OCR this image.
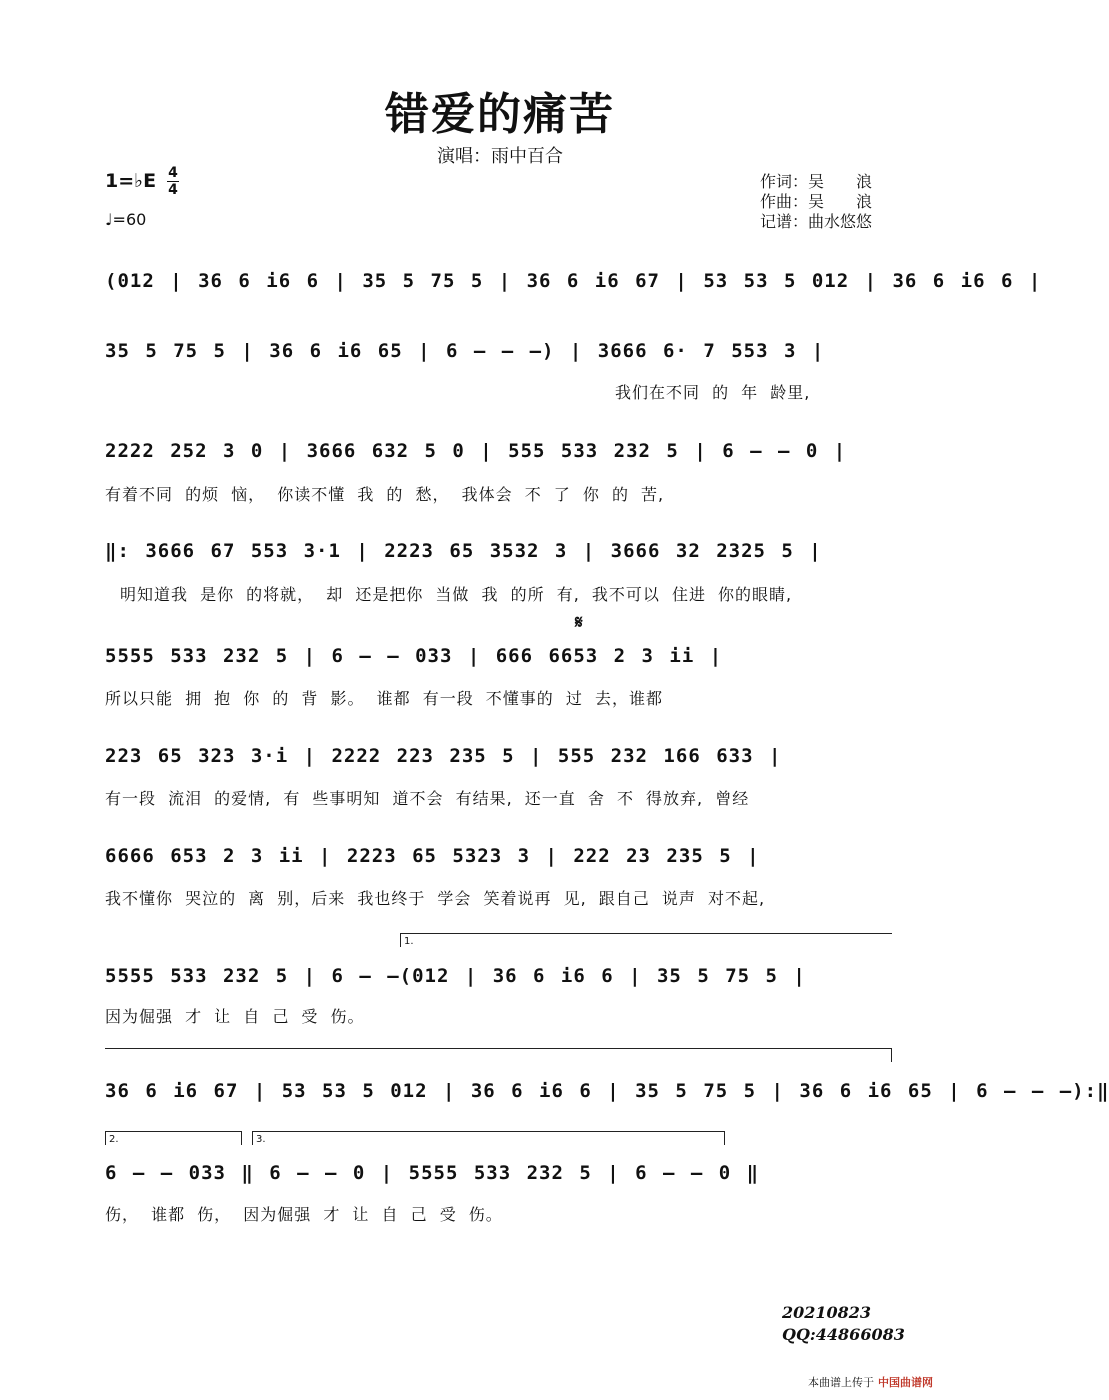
错爱的痛苦
演唱：雨中百合
1=♭E 4
4
♩=60
作词：吴　　浪
作曲：吴　　浪
记谱：曲水悠悠
(012 | 36 6 i6 6 | 35 5 75 5 | 36 6 i6 67 | 53 53 5 012 | 36 6 i6 6 |
35 5 75 5 | 36 6 i6 65 | 6 – – –) | 3666 6· 7 553 3 |
我们在不同 的 年 龄里,
2222 252 3 0 | 3666 632 5 0 | 555 533 232 5 | 6 – – 0 |
有着不同 的烦 恼， 你读不懂 我 的 愁， 我体会 不 了 你 的 苦,
‖: 3666 67 553 3·1 | 2223 65 3532 3 | 3666 32 2325 5 |
明知道我 是你 的将就， 却 还是把你 当做 我 的所 有, 我不可以 住进 你的眼睛,
𝄋
5555 533 232 5 | 6 – – 033 | 666 6653 2 3 ii |
所以只能 拥 抱 你 的 背 影。 谁都 有一段 不懂事的 过 去，谁都
223 65 323 3·i | 2222 223 235 5 | 555 232 166 633 |
有一段 流泪 的爱情, 有 些事明知 道不会 有结果, 还一直 舍 不 得放弃, 曾经
6666 653 2 3 ii | 2223 65 5323 3 | 222 23 235 5 |
我不懂你 哭泣的 离 别，后来 我也终于 学会 笑着说再 见, 跟自己 说声 对不起,
1.
5555 533 232 5 | 6 – –(012 | 36 6 i6 6 | 35 5 75 5 |
因为倔强 才 让 自 己 受 伤。
36 6 i6 67 | 53 53 5 012 | 36 6 i6 6 | 35 5 75 5 | 36 6 i6 65 | 6 – – –):‖
2.	3.
6 – – 033 ‖ 6 – – 0 | 5555 533 232 5 | 6 – – 0 ‖
伤， 谁都 伤， 因为倔强 才 让 自 己 受 伤。
20210823
QQ:44866083
本曲谱上传于 中国曲谱网
